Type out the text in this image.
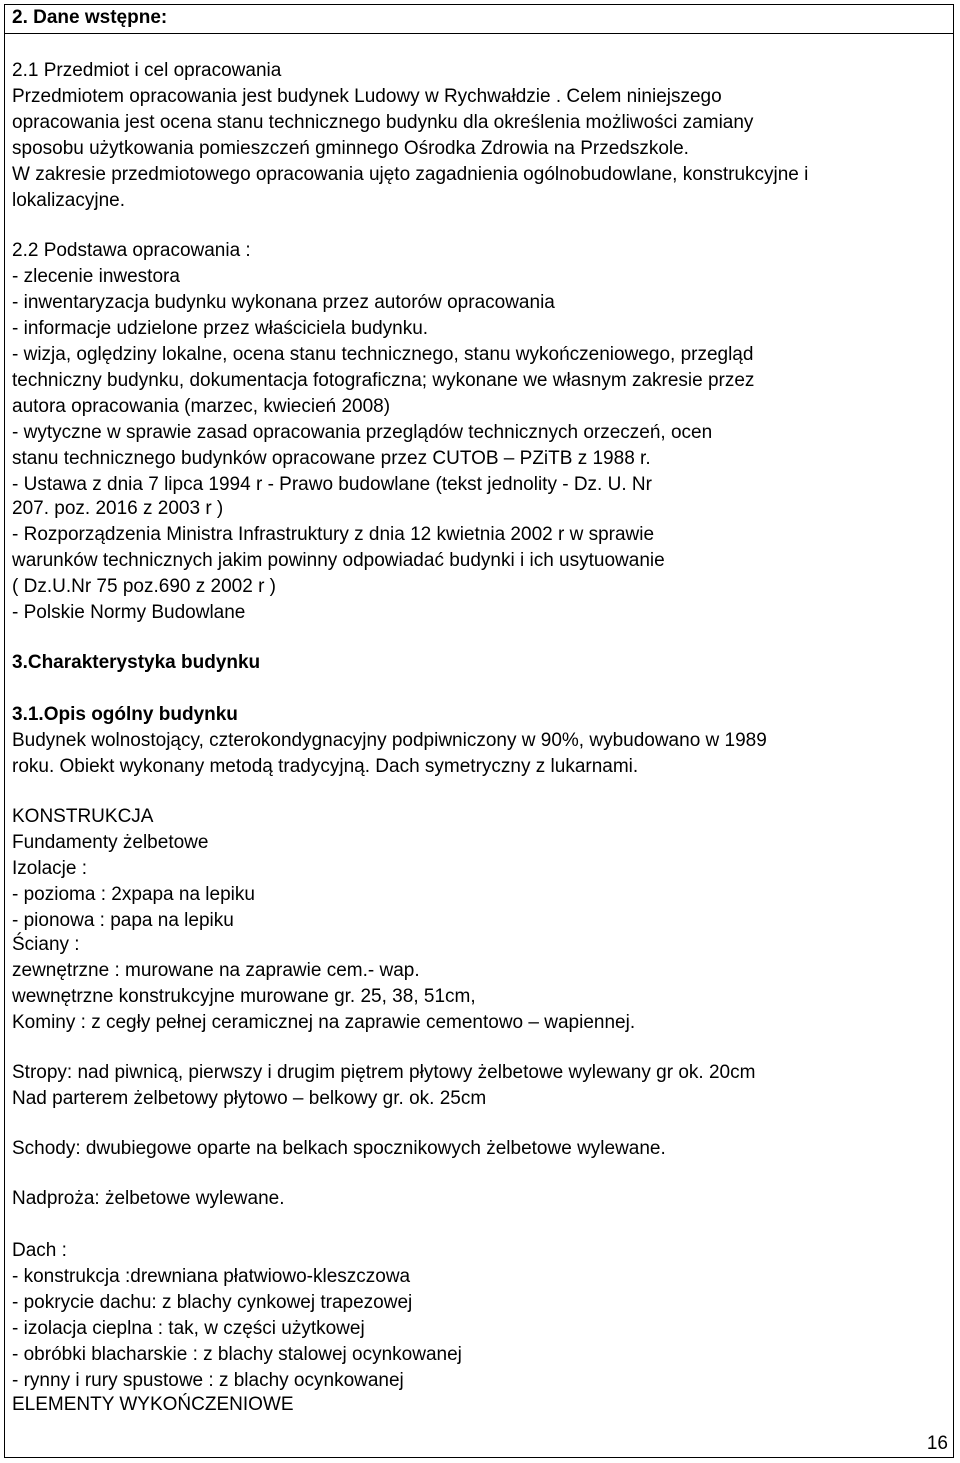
2. Dane wstępne:
2.1 Przedmiot i cel opracowania
Przedmiotem opracowania jest budynek Ludowy w Rychwałdzie . Celem niniejszego
opracowania jest ocena stanu technicznego budynku dla określenia możliwości zamiany
sposobu użytkowania pomieszczeń gminnego Ośrodka Zdrowia na Przedszkole.
W zakresie przedmiotowego opracowania ujęto zagadnienia ogólnobudowlane, konstrukcyjne i
lokalizacyjne.
2.2 Podstawa opracowania :
- zlecenie inwestora
- inwentaryzacja budynku wykonana przez autorów opracowania
- informacje udzielone przez właściciela budynku.
- wizja, oględziny lokalne, ocena stanu technicznego, stanu wykończeniowego, przegląd
techniczny budynku, dokumentacja fotograficzna; wykonane we własnym zakresie przez
autora opracowania (marzec, kwiecień 2008)
- wytyczne w sprawie zasad opracowania przeglądów technicznych orzeczeń, ocen
stanu technicznego budynków opracowane przez CUTOB – PZiTB z 1988 r.
- Ustawa z dnia 7 lipca 1994 r - Prawo budowlane (tekst jednolity - Dz. U. Nr
207. poz. 2016 z 2003 r )
- Rozporządzenia Ministra Infrastruktury z dnia 12 kwietnia 2002 r w sprawie
warunków technicznych jakim powinny odpowiadać budynki i ich usytuowanie
( Dz.U.Nr 75 poz.690 z 2002 r )
- Polskie Normy Budowlane
3.Charakterystyka budynku
3.1.Opis ogólny budynku
Budynek wolnostojący, czterokondygnacyjny podpiwniczony w 90%, wybudowano w 1989
roku. Obiekt wykonany metodą tradycyjną. Dach symetryczny z lukarnami.
KONSTRUKCJA
Fundamenty żelbetowe
Izolacje :
- pozioma : 2xpapa na lepiku
- pionowa : papa na lepiku
Ściany :
zewnętrzne : murowane na zaprawie cem.- wap.
wewnętrzne konstrukcyjne murowane gr. 25, 38, 51cm,
Kominy : z cegły pełnej ceramicznej na zaprawie cementowo – wapiennej.
Stropy: nad piwnicą, pierwszy i drugim piętrem płytowy żelbetowe wylewany gr ok. 20cm
Nad parterem żelbetowy płytowo – belkowy gr. ok. 25cm
Schody: dwubiegowe oparte na belkach spocznikowych żelbetowe wylewane.
Nadproża: żelbetowe wylewane.
Dach :
- konstrukcja :drewniana płatwiowo-kleszczowa
- pokrycie dachu: z blachy cynkowej trapezowej
- izolacja cieplna : tak, w części użytkowej
- obróbki blacharskie : z blachy stalowej ocynkowanej
- rynny i rury spustowe : z blachy ocynkowanej
ELEMENTY WYKOŃCZENIOWE
16
